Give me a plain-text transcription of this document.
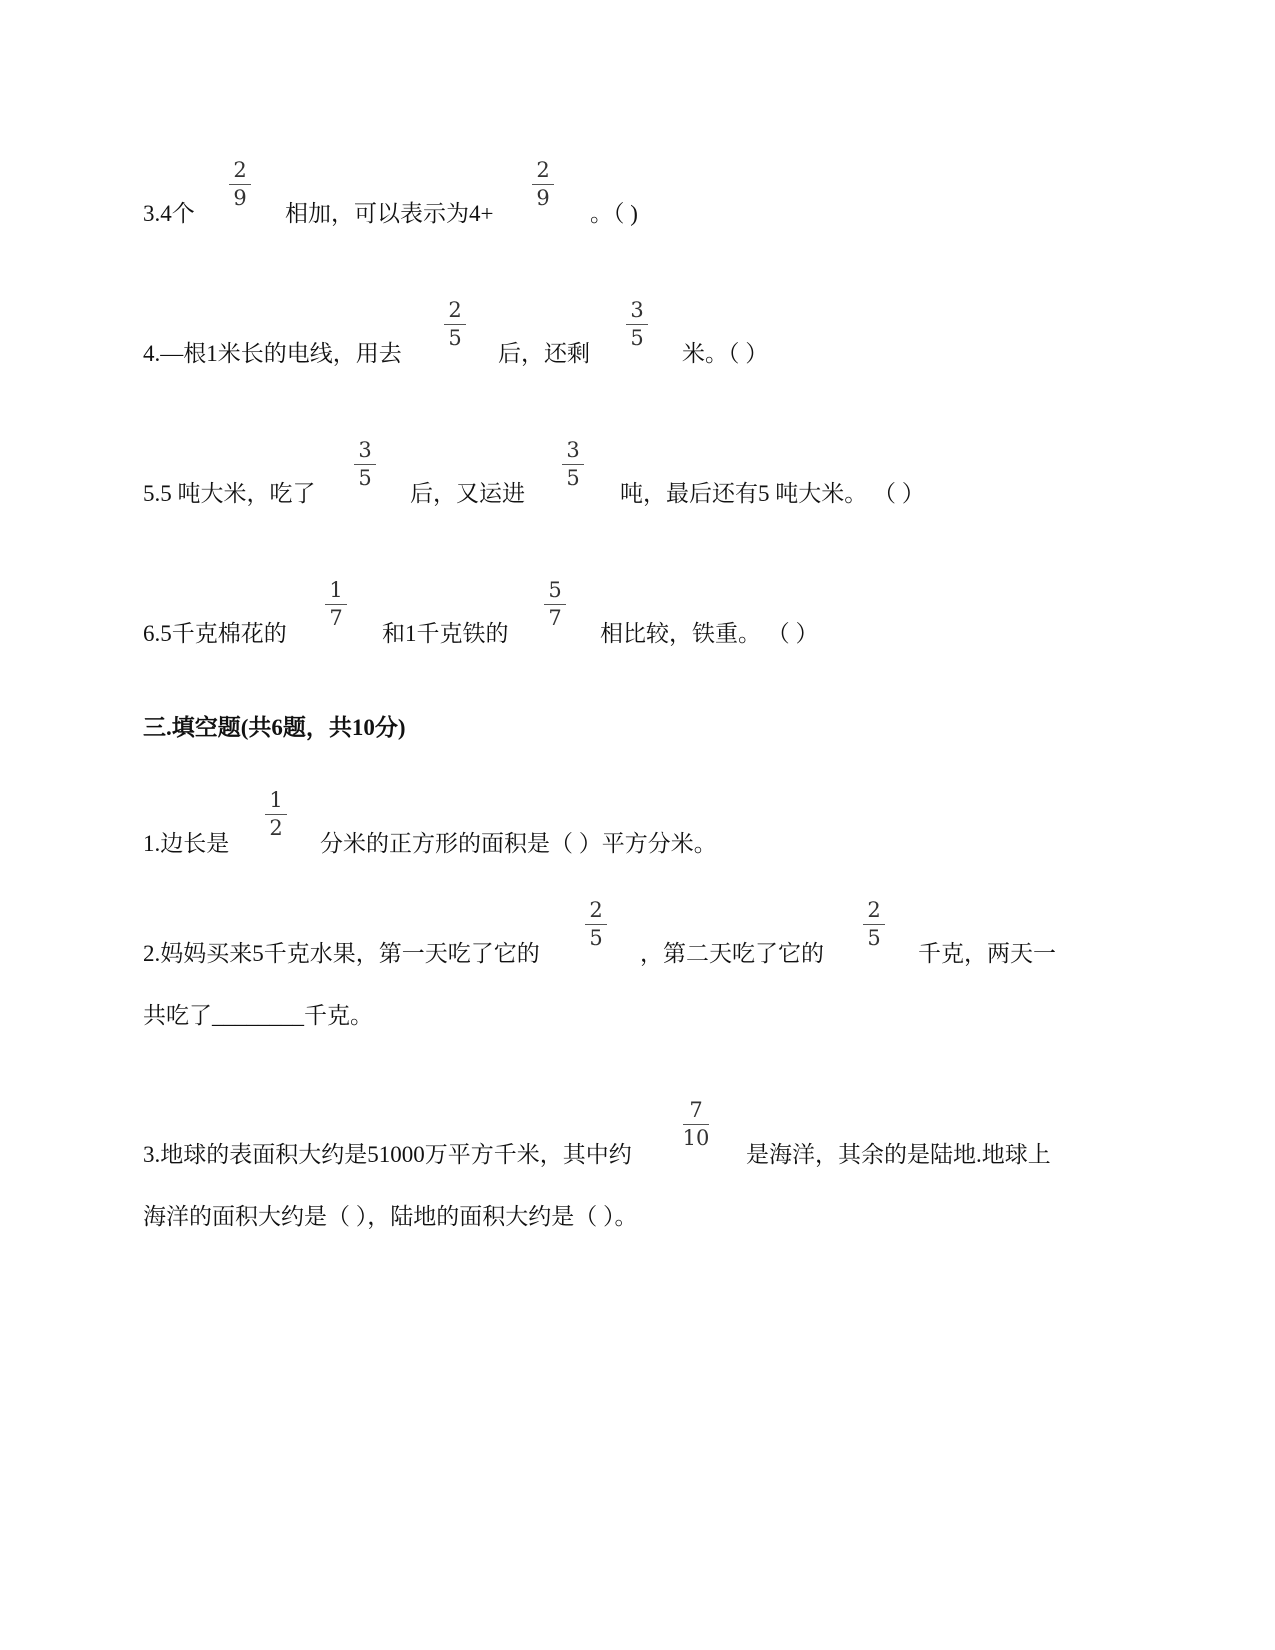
2
9
2
9
3.4个	相加，可以表示为4+	。（ )
2
5
3
5
4.—根1米长的电线，用去	后，还剩	米。（ ）
3
5
3
5
5.5 吨大米，吃了	后，又运进	吨，最后还有5 吨大米。 （ ）
1
7
5
7
6.5千克棉花的	和1千克铁的	相比较，铁重。 （ ）
三.填空题(共6题，共10分)
1
2
1.边长是	分米的正方形的面积是（ ）平方分米。
2
5
2
5
2.妈妈买来5千克水果，第一天吃了它的	，第二天吃了它的	千克，两天一
共吃了________千克。
7
10
3.地球的表面积大约是51000万平方千米，其中约	是海洋，其余的是陆地.地球上
海洋的面积大约是（ ），陆地的面积大约是（ ）。
